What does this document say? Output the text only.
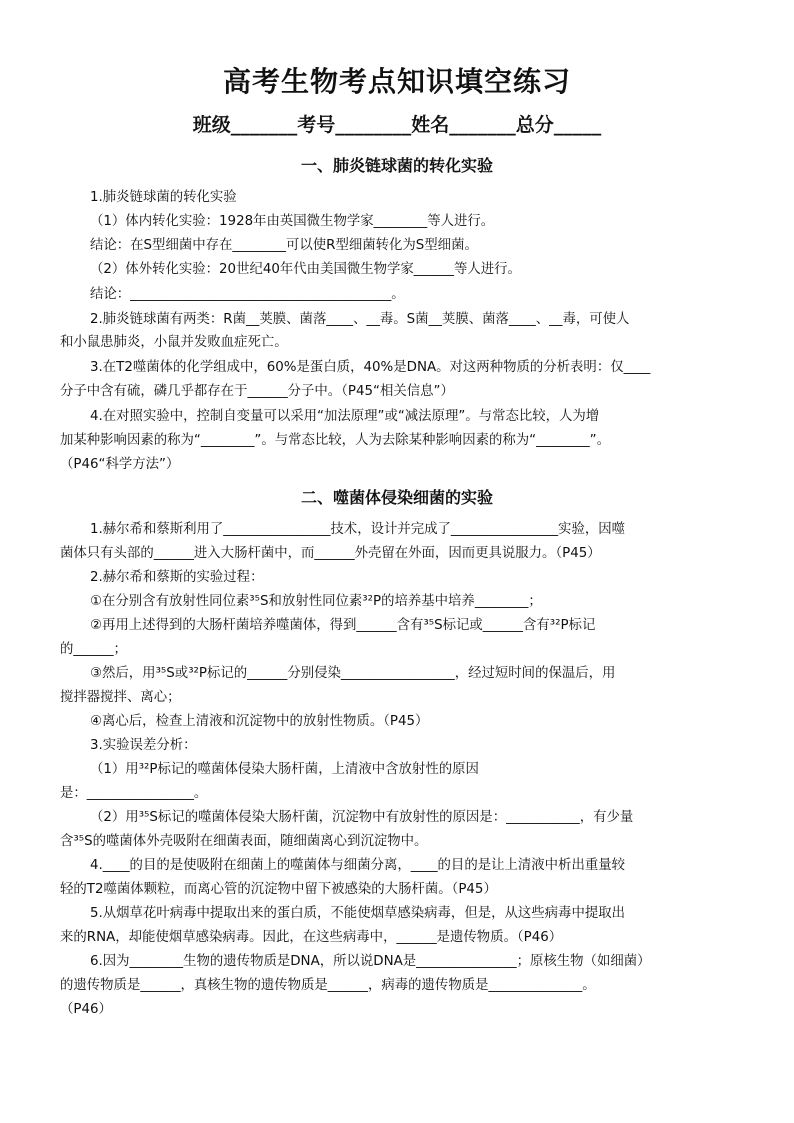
高考生物考点知识填空练习
班级_______考号________姓名_______总分_____
一、肺炎链球菌的转化实验
1.肺炎链球菌的转化实验
（1）体内转化实验：1928年由英国微生物学家________等人进行。
结论：在S型细菌中存在________可以使R型细菌转化为S型细菌。
（2）体外转化实验：20世纪40年代由美国微生物学家______等人进行。
结论：_______________________________________。
2.肺炎链球菌有两类：R菌__荚膜、菌落____、__毒。S菌__荚膜、菌落____、__毒，可使人
和小鼠患肺炎，小鼠并发败血症死亡。
3.在T2噬菌体的化学组成中，60%是蛋白质，40%是DNA。对这两种物质的分析表明：仅____
分子中含有硫，磷几乎都存在于______分子中。（P45“相关信息”）
4.在对照实验中，控制自变量可以采用“加法原理”或“减法原理”。与常态比较，人为增
加某种影响因素的称为“________”。与常态比较，人为去除某种影响因素的称为“________”。
（P46“科学方法”）
二、噬菌体侵染细菌的实验
1.赫尔希和蔡斯利用了________________技术，设计并完成了________________实验，因噬
菌体只有头部的______进入大肠杆菌中，而______外壳留在外面，因而更具说服力。（P45）
2.赫尔希和蔡斯的实验过程：
①在分别含有放射性同位素³⁵S和放射性同位素³²P的培养基中培养________；
②再用上述得到的大肠杆菌培养噬菌体，得到______含有³⁵S标记或______含有³²P标记
的______；
③然后，用³⁵S或³²P标记的______分别侵染_________________，经过短时间的保温后，用
搅拌器搅拌、离心；
④离心后，检查上清液和沉淀物中的放射性物质。（P45）
3.实验误差分析：
（1）用³²P标记的噬菌体侵染大肠杆菌，上清液中含放射性的原因
是：________________。
（2）用³⁵S标记的噬菌体侵染大肠杆菌，沉淀物中有放射性的原因是：___________，有少量
含³⁵S的噬菌体外壳吸附在细菌表面，随细菌离心到沉淀物中。
4.____的目的是使吸附在细菌上的噬菌体与细菌分离，____的目的是让上清液中析出重量较
轻的T2噬菌体颗粒，而离心管的沉淀物中留下被感染的大肠杆菌。（P45）
5.从烟草花叶病毒中提取出来的蛋白质，不能使烟草感染病毒，但是，从这些病毒中提取出
来的RNA，却能使烟草感染病毒。因此，在这些病毒中，______是遗传物质。（P46）
6.因为________生物的遗传物质是DNA，所以说DNA是_______________；原核生物（如细菌）
的遗传物质是______，真核生物的遗传物质是______，病毒的遗传物质是______________。
（P46）
